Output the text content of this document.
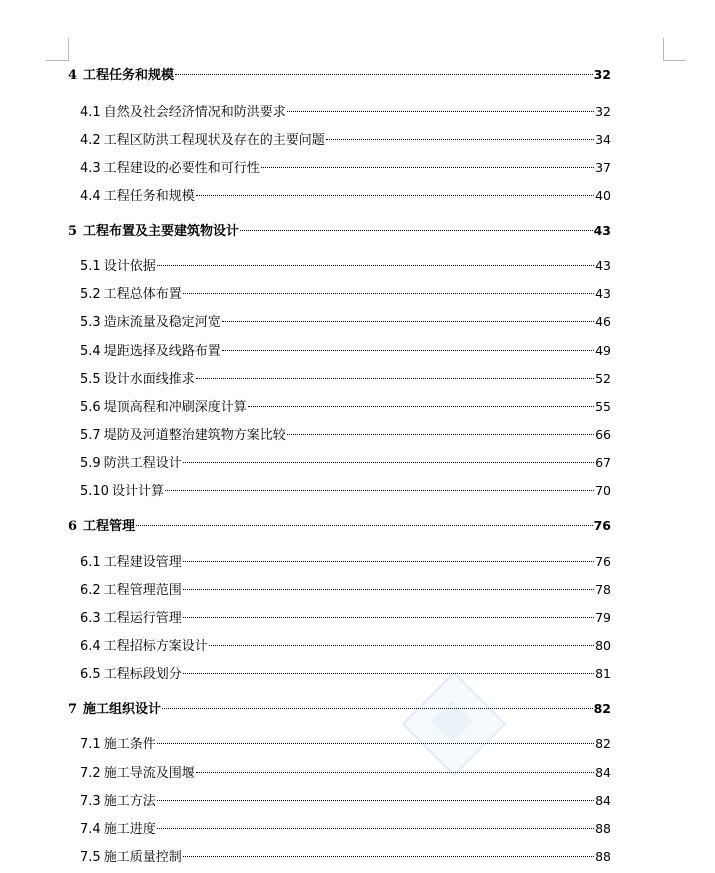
4 工程任务和规模	32
4.1 自然及社会经济情况和防洪要求	32
4.2 工程区防洪工程现状及存在的主要问题	34
4.3 工程建设的必要性和可行性	37
4.4 工程任务和规模	40
5 工程布置及主要建筑物设计	43
5.1 设计依据	43
5.2 工程总体布置	43
5.3 造床流量及稳定河宽	46
5.4 堤距选择及线路布置	49
5.5 设计水面线推求	52
5.6 堤顶高程和冲刷深度计算	55
5.7 堤防及河道整治建筑物方案比较	66
5.9 防洪工程设计	67
5.10 设计计算	70
6 工程管理	76
6.1 工程建设管理	76
6.2 工程管理范围	78
6.3 工程运行管理	79
6.4 工程招标方案设计	80
6.5 工程标段划分	81
7 施工组织设计	82
7.1 施工条件	82
7.2 施工导流及围堰	84
7.3 施工方法	84
7.4 施工进度	88
7.5 施工质量控制	88
